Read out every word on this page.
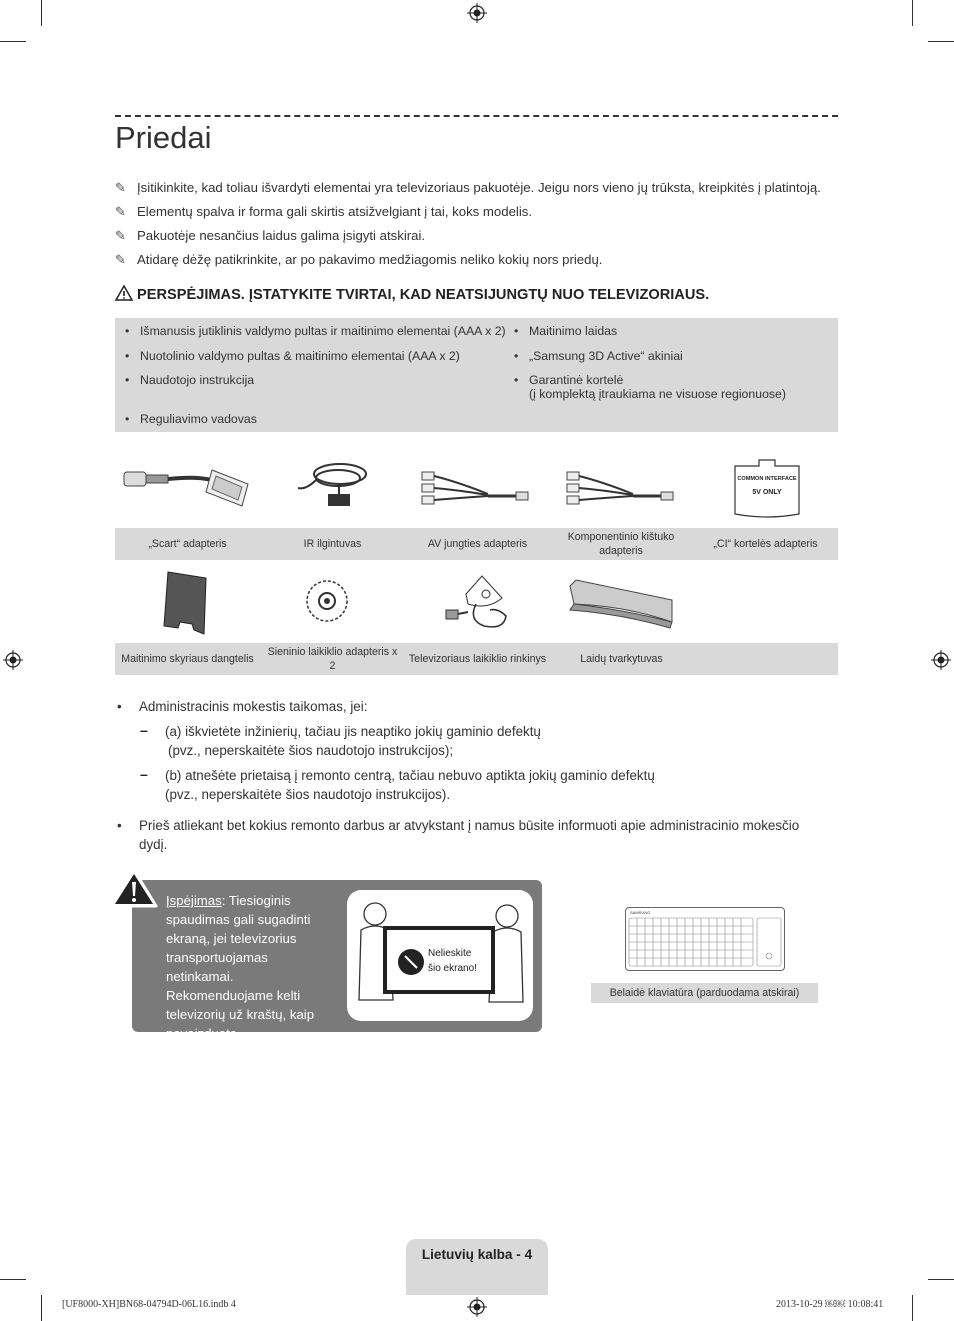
Priedai
✎ Įsitikinkite, kad toliau išvardyti elementai yra televizoriaus pakuotėje. Jeigu nors vieno jų trūksta, kreipkitės į platintoją.
✎ Elementų spalva ir forma gali skirtis atsižvelgiant į tai, koks modelis.
✎ Pakuotėje nesančius laidus galima įsigyti atskirai.
✎ Atidarę dėžę patikrinkite, ar po pakavimo medžiagomis neliko kokių nors priedų.
PERSPĖJIMAS. ĮSTATYKITE TVIRTAI, KAD NEATSIJUNGTŲ NUO TELEVIZORIAUS.
• Išmanusis jutiklinis valdymo pultas ir maitinimo elementai (AAA x 2)
• Nuotolinio valdymo pultas & maitinimo elementai (AAA x 2)
• Naudotojo instrukcija
• Reguliavimo vadovas
• Maitinimo laidas
• „Samsung 3D Active“ akiniai
• Garantinė kortelė
(į komplektą įtraukiama ne visuose regionuose)
COMMON INTERFACE
5V ONLY
„Scart“ adapteris	IR ilgintuvas	AV jungties adapteris
Komponentinio kištuko adapteris
„CI“ kortelės adapteris
Maitinimo skyriaus dangtelis
Sieninio laikiklio adapteris x 2
Televizoriaus laikiklio rinkinys	Laidų tvarkytuvas
• Administracinis mokestis taikomas, jei:
– (a) iškvietėte inžinierių, tačiau jis neaptiko jokių gaminio defektų
(pvz., neperskaitėte šios naudotojo instrukcijos);
– (b) atnešėte prietaisą į remonto centrą, tačiau nebuvo aptikta jokių gaminio defektų
(pvz., neperskaitėte šios naudotojo instrukcijos).
• Prieš atliekant bet kokius remonto darbus ar atvykstant į namus būsite informuoti apie administracinio mokesčio dydį.
Įspėjimas: Tiesioginis spaudimas gali sugadinti ekraną, jei televizorius transportuojamas netinkamai. Rekomenduojame kelti televizorių už kraštų, kaip pavaizduota.
Nelieskite
šio ekrano!
SAMSUNG
Belaidė klaviatūra (parduodama atskirai)
Lietuvių kalba - 4
[UF8000-XH]BN68-04794D-06L16.indb 4	2013-10-29 ￼￼ 10:08:41
